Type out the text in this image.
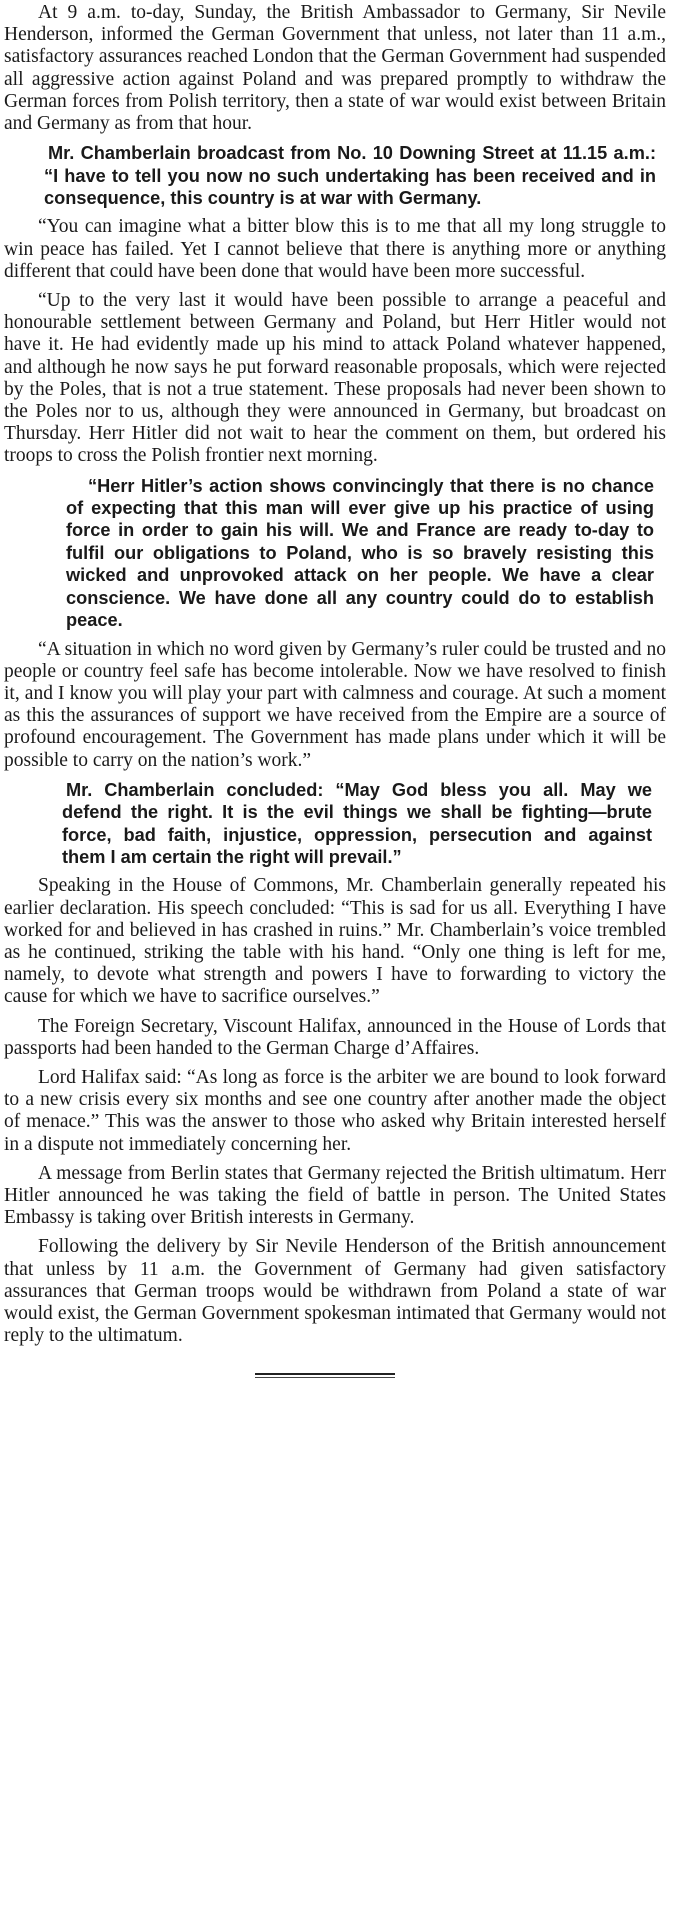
At 9 a.m. to-day, Sunday, the British Ambassador to Germany, Sir Nevile Henderson, informed the German Government that unless, not later than 11 a.m., satisfactory assurances reached London that the German Government had suspended all aggressive action against Poland and was prepared promptly to withdraw the German forces from Polish territory, then a state of war would exist between Britain and Germany as from that hour.

Mr. Chamberlain broadcast from No. 10 Downing Street at 11.15 a.m.: “I have to tell you now no such undertaking has been received and in consequence, this country is at war with Germany.

“You can imagine what a bitter blow this is to me that all my long struggle to win peace has failed. Yet I cannot believe that there is anything more or anything different that could have been done that would have been more successful.

“Up to the very last it would have been possible to arrange a peaceful and honourable settlement between Germany and Poland, but Herr Hitler would not have it. He had evidently made up his mind to attack Poland whatever happened, and although he now says he put forward reasonable proposals, which were rejected by the Poles, that is not a true statement. These proposals had never been shown to the Poles nor to us, although they were announced in Germany, but broadcast on Thursday. Herr Hitler did not wait to hear the comment on them, but ordered his troops to cross the Polish frontier next morning.

“Herr Hitler’s action shows convincingly that there is no chance of expecting that this man will ever give up his practice of using force in order to gain his will. We and France are ready to-day to fulfil our obligations to Poland, who is so bravely resisting this wicked and unprovoked attack on her people. We have a clear conscience. We have done all any country could do to establish peace.

“A situation in which no word given by Germany’s ruler could be trusted and no people or country feel safe has become intolerable. Now we have resolved to finish it, and I know you will play your part with calmness and courage. At such a moment as this the assurances of support we have received from the Empire are a source of profound encouragement. The Government has made plans under which it will be possible to carry on the nation’s work.”

Mr. Chamberlain concluded: “May God bless you all. May we defend the right. It is the evil things we shall be fighting—brute force, bad faith, injustice, oppression, persecution and against them I am certain the right will prevail.”

Speaking in the House of Commons, Mr. Chamberlain generally repeated his earlier declaration. His speech concluded: “This is sad for us all. Everything I have worked for and believed in has crashed in ruins.” Mr. Chamberlain’s voice trembled as he continued, striking the table with his hand. “Only one thing is left for me, namely, to devote what strength and powers I have to forwarding to victory the cause for which we have to sacrifice ourselves.”

The Foreign Secretary, Viscount Halifax, announced in the House of Lords that passports had been handed to the German Charge d’Affaires.

Lord Halifax said: “As long as force is the arbiter we are bound to look forward to a new crisis every six months and see one country after another made the object of menace.” This was the answer to those who asked why Britain interested herself in a dispute not immediately concerning her.

A message from Berlin states that Germany rejected the British ultimatum. Herr Hitler announced he was taking the field of battle in person. The United States Embassy is taking over British interests in Germany.

Following the delivery by Sir Nevile Henderson of the British announcement that unless by 11 a.m. the Government of Germany had given satisfactory assurances that German troops would be withdrawn from Poland a state of war would exist, the German Government spokesman intimated that Germany would not reply to the ultimatum.
